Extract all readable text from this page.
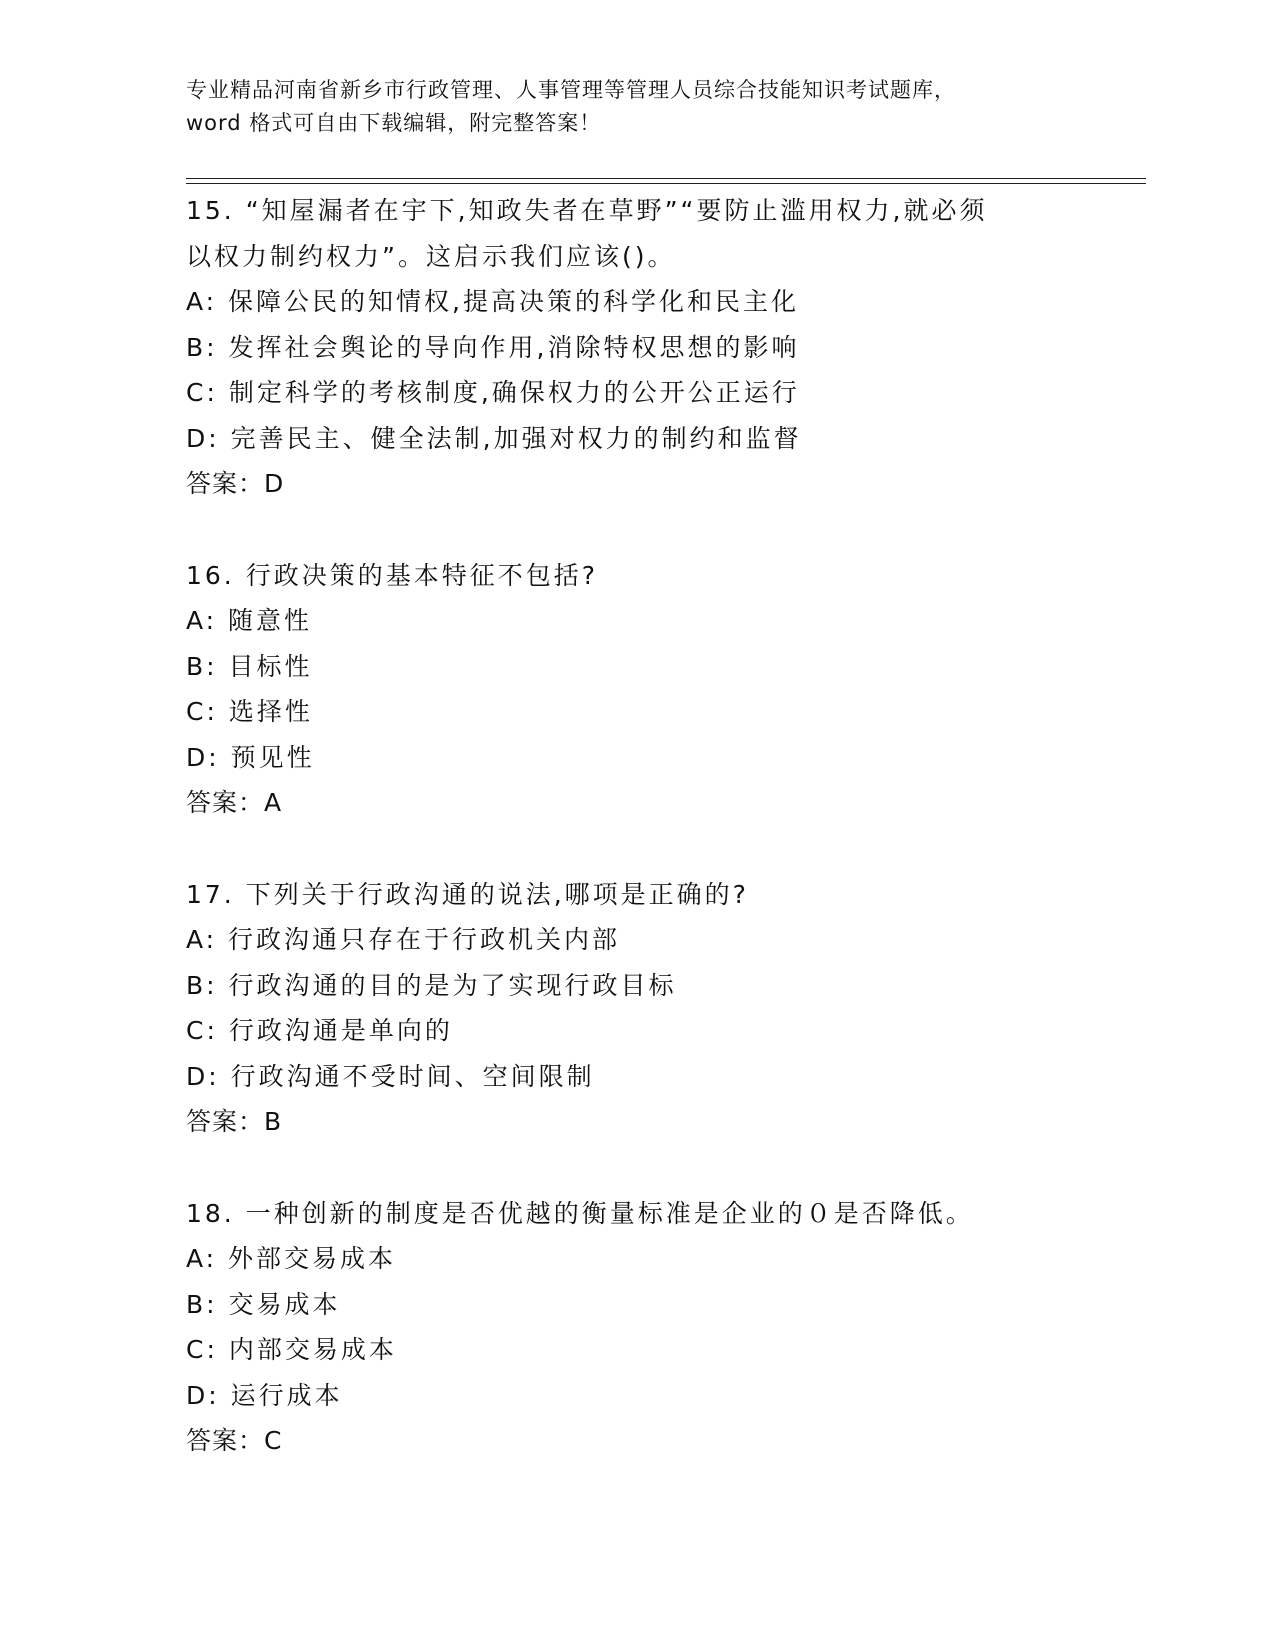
专业精品河南省新乡市行政管理、人事管理等管理人员综合技能知识考试题库，
word 格式可自由下载编辑，附完整答案！
15. “知屋漏者在宇下,知政失者在草野”“要防止滥用权力,就必须
以权力制约权力”。这启示我们应该()。
A: 保障公民的知情权,提高决策的科学化和民主化
B: 发挥社会舆论的导向作用,消除特权思想的影响
C: 制定科学的考核制度,确保权力的公开公正运行
D: 完善民主、健全法制,加强对权力的制约和监督
答案：D
16. 行政决策的基本特征不包括?
A: 随意性
B: 目标性
C: 选择性
D: 预见性
答案：A
17. 下列关于行政沟通的说法,哪项是正确的?
A: 行政沟通只存在于行政机关内部
B: 行政沟通的目的是为了实现行政目标
C: 行政沟通是单向的
D: 行政沟通不受时间、空间限制
答案：B
18. 一种创新的制度是否优越的衡量标准是企业的０是否降低。
A: 外部交易成本
B: 交易成本
C: 内部交易成本
D: 运行成本
答案：C
